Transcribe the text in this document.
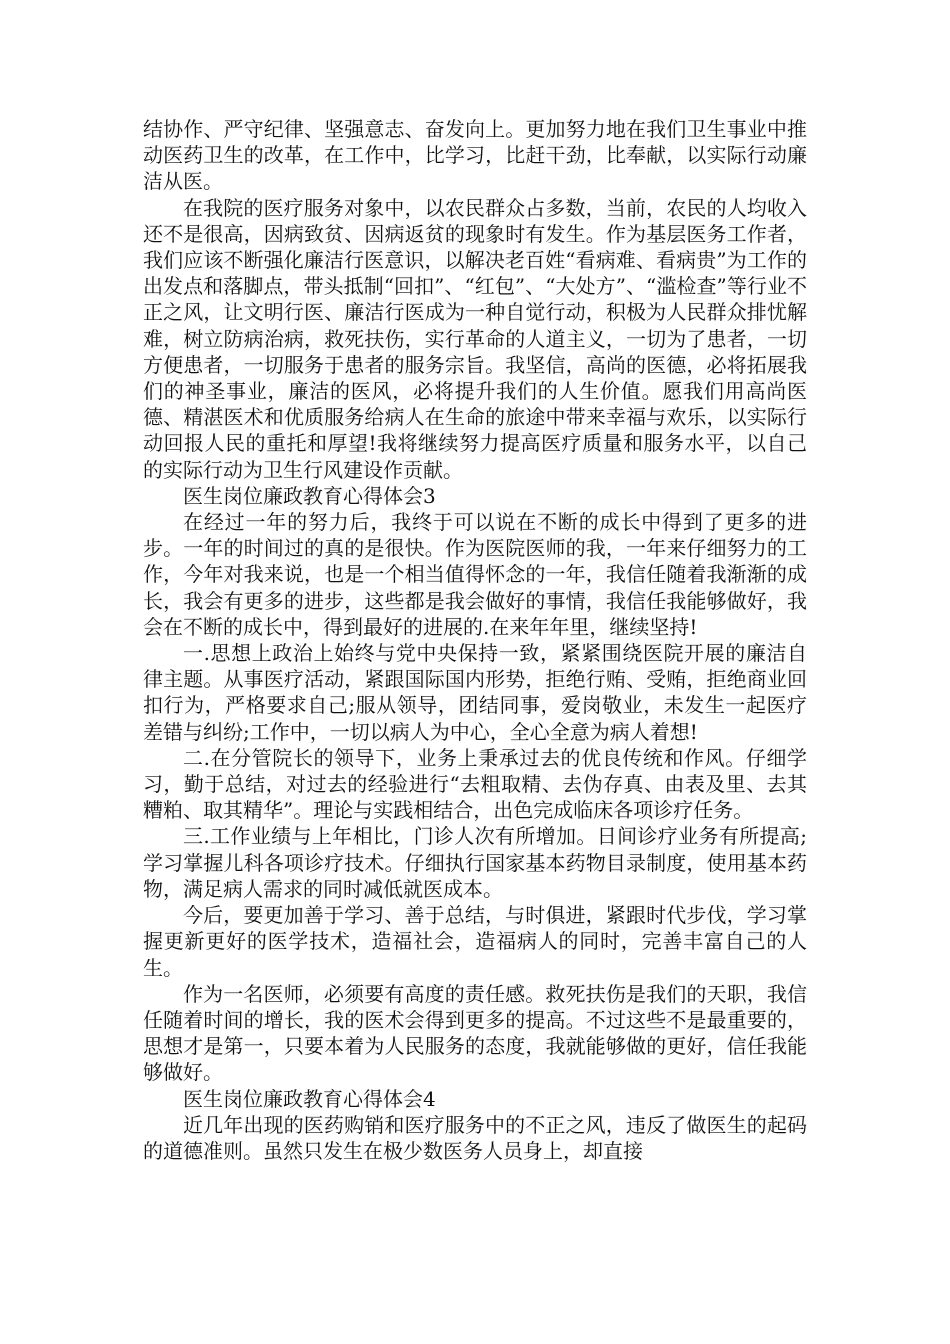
结协作、严守纪律、坚强意志、奋发向上。更加努力地在我们卫生事业中推动医药卫生的改革，在工作中，比学习，比赶干劲，比奉献，以实际行动廉洁从医。

在我院的医疗服务对象中，以农民群众占多数，当前，农民的人均收入还不是很高，因病致贫、因病返贫的现象时有发生。作为基层医务工作者，我们应该不断强化廉洁行医意识，以解决老百姓“看病难、看病贵”为工作的出发点和落脚点，带头抵制“回扣”、“红包”、“大处方”、“滥检查”等行业不正之风，让文明行医、廉洁行医成为一种自觉行动，积极为人民群众排忧解难，树立防病治病，救死扶伤，实行革命的人道主义，一切为了患者，一切方便患者，一切服务于患者的服务宗旨。我坚信，高尚的医德，必将拓展我们的神圣事业，廉洁的医风，必将提升我们的人生价值。愿我们用高尚医德、精湛医术和优质服务给病人在生命的旅途中带来幸福与欢乐，以实际行动回报人民的重托和厚望!我将继续努力提高医疗质量和服务水平，以自己的实际行动为卫生行风建设作贡献。

医生岗位廉政教育心得体会3

在经过一年的努力后，我终于可以说在不断的成长中得到了更多的进步。一年的时间过的真的是很快。作为医院医师的我，一年来仔细努力的工作，今年对我来说，也是一个相当值得怀念的一年，我信任随着我渐渐的成长，我会有更多的进步，这些都是我会做好的事情，我信任我能够做好，我会在不断的成长中，得到最好的进展的.在来年年里，继续坚持!

一.思想上政治上始终与党中央保持一致，紧紧围绕医院开展的廉洁自律主题。从事医疗活动，紧跟国际国内形势，拒绝行贿、受贿，拒绝商业回扣行为，严格要求自己;服从领导，团结同事，爱岗敬业，未发生一起医疗差错与纠纷;工作中，一切以病人为中心，全心全意为病人着想!

二.在分管院长的领导下，业务上秉承过去的优良传统和作风。仔细学习，勤于总结，对过去的经验进行“去粗取精、去伪存真、由表及里、去其糟粕、取其精华”。理论与实践相结合，出色完成临床各项诊疗任务。

三.工作业绩与上年相比，门诊人次有所增加。日间诊疗业务有所提高;学习掌握儿科各项诊疗技术。仔细执行国家基本药物目录制度，使用基本药物，满足病人需求的同时减低就医成本。

今后，要更加善于学习、善于总结，与时俱进，紧跟时代步伐，学习掌握更新更好的医学技术，造福社会，造福病人的同时，完善丰富自己的人生。

作为一名医师，必须要有高度的责任感。救死扶伤是我们的天职，我信任随着时间的增长，我的医术会得到更多的提高。不过这些不是最重要的，思想才是第一，只要本着为人民服务的态度，我就能够做的更好，信任我能够做好。

医生岗位廉政教育心得体会4

近几年出现的医药购销和医疗服务中的不正之风，违反了做医生的起码的道德准则。虽然只发生在极少数医务人员身上，却直接
